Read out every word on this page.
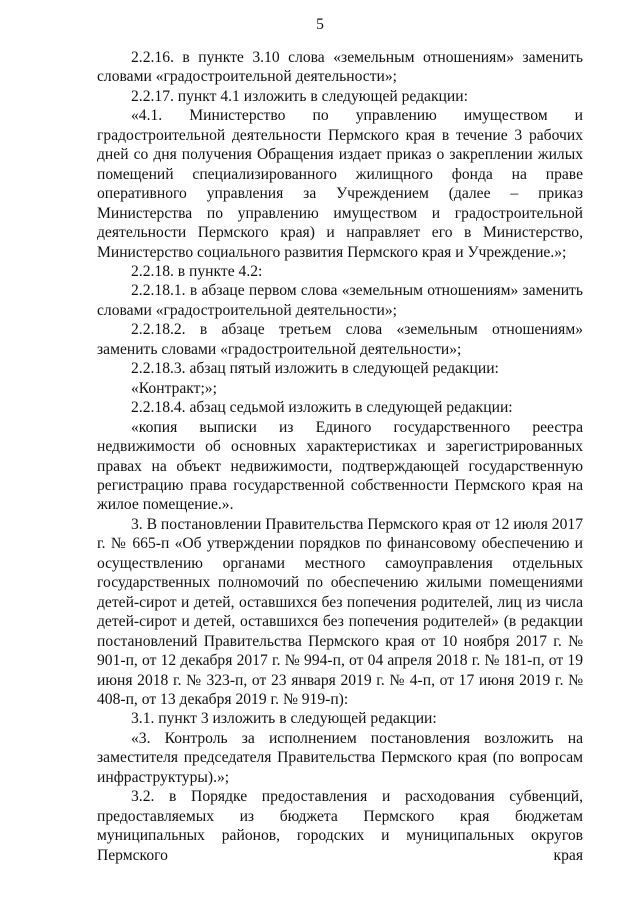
5

2.2.16. в пункте 3.10 слова «земельным отношениям» заменить словами «градостроительной деятельности»;

2.2.17. пункт 4.1 изложить в следующей редакции:

«4.1. Министерство по управлению имуществом и градостроительной деятельности Пермского края в течение 3 рабочих дней со дня получения Обращения издает приказ о закреплении жилых помещений специализированного жилищного фонда на праве оперативного управления за Учреждением (далее – приказ Министерства по управлению имуществом и градостроительной деятельности Пермского края) и направляет его в Министерство, Министерство социального развития Пермского края и Учреждение.»;

2.2.18. в пункте 4.2:

2.2.18.1. в абзаце первом слова «земельным отношениям» заменить словами «градостроительной деятельности»;

2.2.18.2. в абзаце третьем слова «земельным отношениям» заменить словами «градостроительной деятельности»;

2.2.18.3. абзац пятый изложить в следующей редакции:

«Контракт;»;

2.2.18.4. абзац седьмой изложить в следующей редакции:

«копия выписки из Единого государственного реестра недвижимости об основных характеристиках и зарегистрированных правах на объект недвижимости, подтверждающей государственную регистрацию права государственной собственности Пермского края на жилое помещение.».

3. В постановлении Правительства Пермского края от 12 июля 2017 г. № 665-п «Об утверждении порядков по финансовому обеспечению и осуществлению органами местного самоуправления отдельных государственных полномочий по обеспечению жилыми помещениями детей-сирот и детей, оставшихся без попечения родителей, лиц из числа детей-сирот и детей, оставшихся без попечения родителей» (в редакции постановлений Правительства Пермского края от 10 ноября 2017 г. № 901-п, от 12 декабря 2017 г. № 994-п, от 04 апреля 2018 г. № 181-п, от 19 июня 2018 г. № 323-п, от 23 января 2019 г. № 4-п, от 17 июня 2019 г. № 408-п, от 13 декабря 2019 г. № 919-п):

3.1. пункт 3 изложить в следующей редакции:

«3. Контроль за исполнением постановления возложить на заместителя председателя Правительства Пермского края (по вопросам инфраструктуры).»;

3.2. в Порядке предоставления и расходования субвенций, предоставляемых из бюджета Пермского края бюджетам муниципальных районов, городских и муниципальных округов Пермского края
